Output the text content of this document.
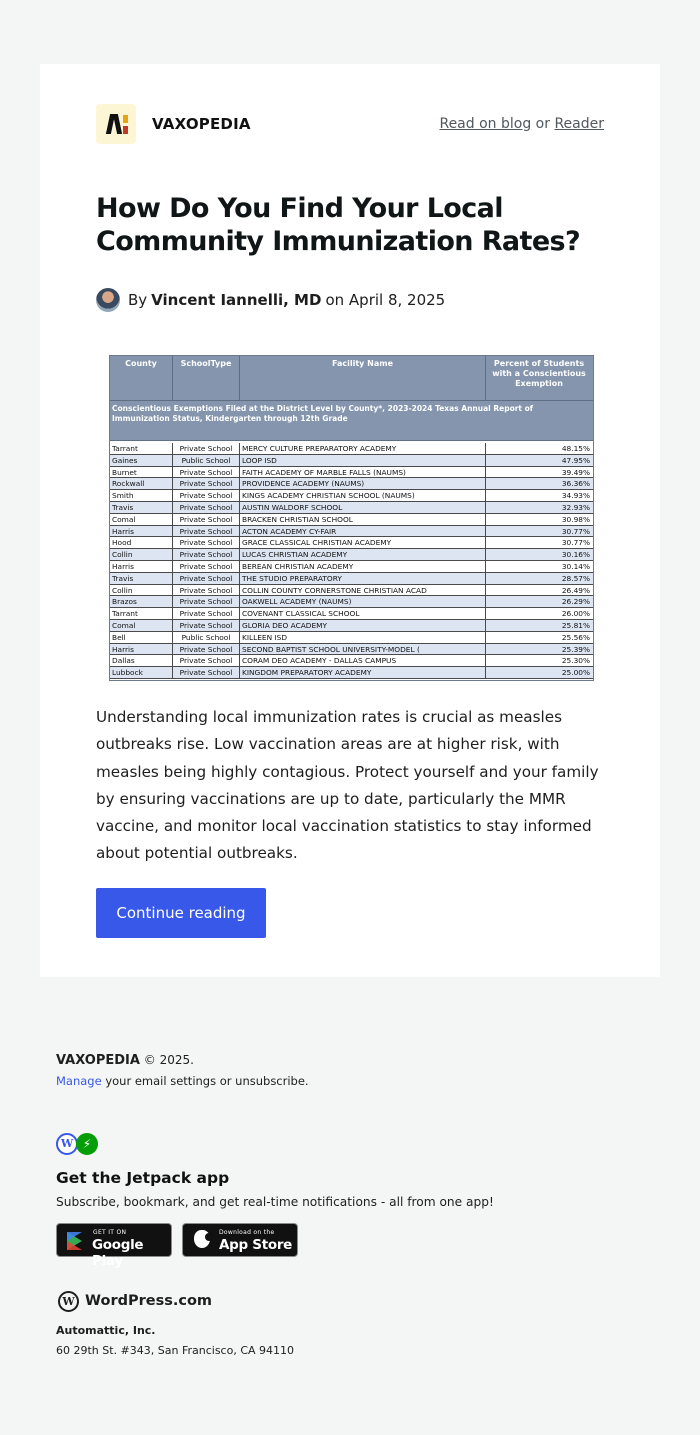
VAXOPEDIA	Read on blog or Reader
How Do You Find Your Local Community Immunization Rates?
By Vincent Iannelli, MD on
April 8, 2025
County	SchoolType	Facility Name	Percent of Students with a Conscientious Exemption
Conscientious Exemptions Filed at the District Level by County*, 2023-2024 Texas Annual Report of Immunization Status, Kindergarten through 12th Grade
Tarrant	Private School	MERCY CULTURE PREPARATORY ACADEMY	48.15%
Gaines	Public School	LOOP ISD	47.95%
Burnet	Private School	FAITH ACADEMY OF MARBLE FALLS (NAUMS)	39.49%
Rockwall	Private School	PROVIDENCE ACADEMY (NAUMS)	36.36%
Smith	Private School	KINGS ACADEMY CHRISTIAN SCHOOL (NAUMS)	34.93%
Travis	Private School	AUSTIN WALDORF SCHOOL	32.93%
Comal	Private School	BRACKEN CHRISTIAN SCHOOL	30.98%
Harris	Private School	ACTON ACADEMY CY-FAIR	30.77%
Hood	Private School	GRACE CLASSICAL CHRISTIAN ACADEMY	30.77%
Collin	Private School	LUCAS CHRISTIAN ACADEMY	30.16%
Harris	Private School	BEREAN CHRISTIAN ACADEMY	30.14%
Travis	Private School	THE STUDIO PREPARATORY	28.57%
Collin	Private School	COLLIN COUNTY CORNERSTONE CHRISTIAN ACAD	26.49%
Brazos	Private School	OAKWELL ACADEMY (NAUMS)	26.29%
Tarrant	Private School	COVENANT CLASSICAL SCHOOL	26.00%
Comal	Private School	GLORIA DEO ACADEMY	25.81%
Bell	Public School	KILLEEN ISD	25.56%
Harris	Private School	SECOND BAPTIST SCHOOL UNIVERSITY-MODEL (	25.39%
Dallas	Private School	CORAM DEO ACADEMY - DALLAS CAMPUS	25.30%
Lubbock	Private School	KINGDOM PREPARATORY ACADEMY	25.00%

Understanding local immunization rates is crucial as measles outbreaks rise. Low vaccination areas are at higher risk, with measles being highly contagious. Protect yourself and your family by ensuring vaccinations are up to date, particularly the MMR vaccine, and monitor local vaccination statistics to stay informed about potential outbreaks.

Continue reading
VAXOPEDIA © 2025.
Manage your email settings or unsubscribe.
W ⚡
Get the Jetpack app
Subscribe, bookmark, and get real-time notifications - all from one app!
GET IT ON
Google Play
Download on the
App Store
W WordPress.com
Automattic, Inc.
60 29th St. #343, San Francisco, CA 94110
